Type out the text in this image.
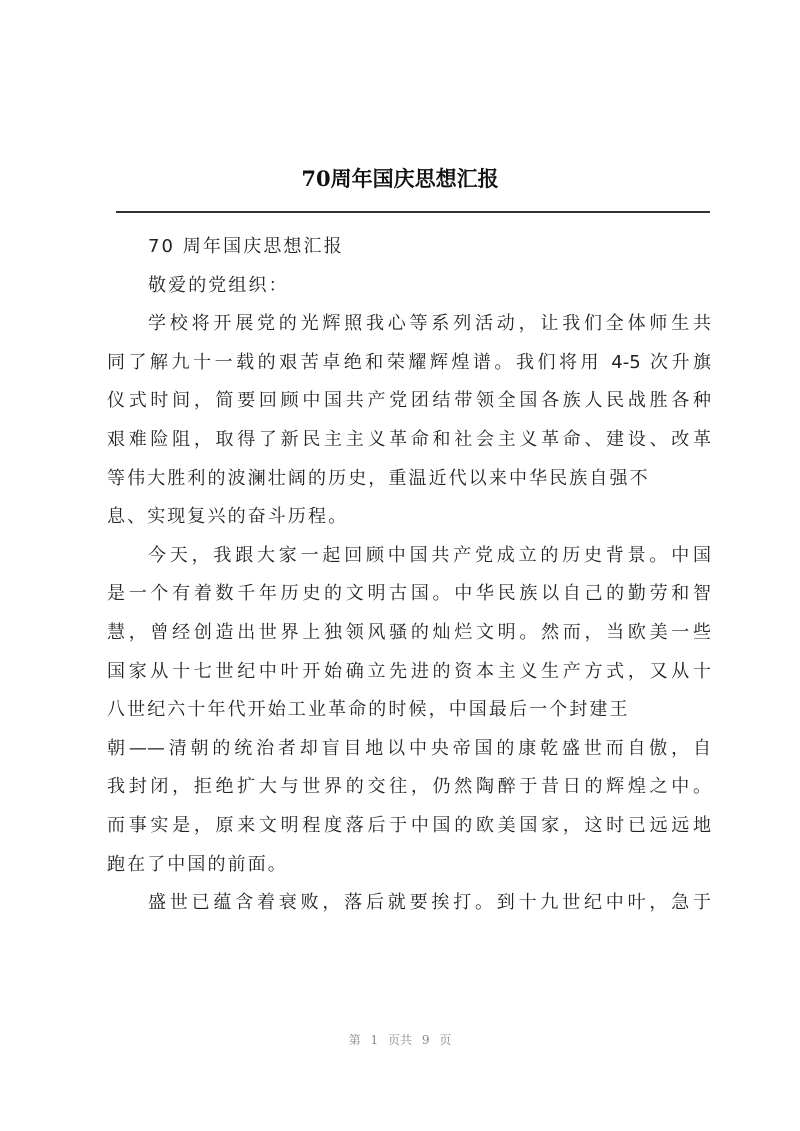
70周年国庆思想汇报
70 周年国庆思想汇报
敬爱的党组织：
学校将开展党的光辉照我心等系列活动，让我们全体师生共
同了解九十一载的艰苦卓绝和荣耀辉煌谱。我们将用 4-5 次升旗
仪式时间，简要回顾中国共产党团结带领全国各族人民战胜各种
艰难险阻，取得了新民主主义革命和社会主义革命、建设、改革
等伟大胜利的波澜壮阔的历史，重温近代以来中华民族自强不
息、实现复兴的奋斗历程。
今天，我跟大家一起回顾中国共产党成立的历史背景。中国
是一个有着数千年历史的文明古国。中华民族以自己的勤劳和智
慧，曾经创造出世界上独领风骚的灿烂文明。然而，当欧美一些
国家从十七世纪中叶开始确立先进的资本主义生产方式，又从十
八世纪六十年代开始工业革命的时候，中国最后一个封建王
朝——清朝的统治者却盲目地以中央帝国的康乾盛世而自傲，自
我封闭，拒绝扩大与世界的交往，仍然陶醉于昔日的辉煌之中。
而事实是，原来文明程度落后于中国的欧美国家，这时已远远地
跑在了中国的前面。
盛世已蕴含着衰败，落后就要挨打。到十九世纪中叶，急于
第 1 页共 9 页
